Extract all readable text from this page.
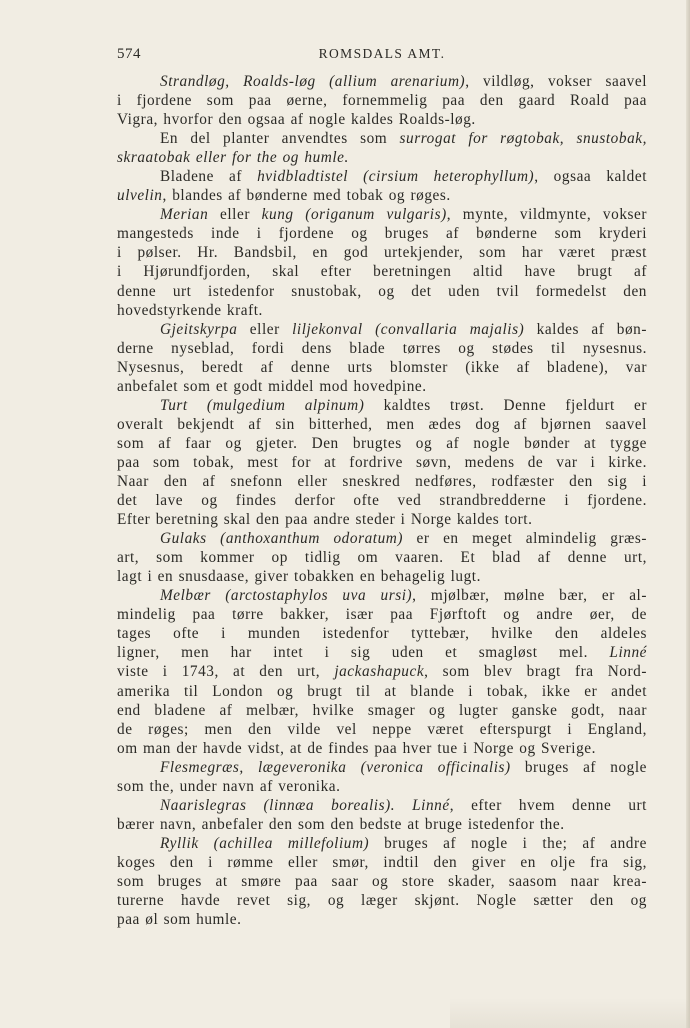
574	ROMSDALS AMT.
Strandløg, Roalds-løg (allium arenarium), vildløg, vokser saavel
i fjordene som paa øerne, fornemmelig paa den gaard Roald paa
Vigra, hvorfor den ogsaa af nogle kaldes Roalds-løg.
En del planter anvendtes som surrogat for røgtobak, snustobak,
skraatobak eller for the og humle.
Bladene af hvidbladtistel (cirsium heterophyllum), ogsaa kaldet
ulvelin, blandes af bønderne med tobak og røges.
Merian eller kung (origanum vulgaris), mynte, vildmynte, vokser
mangesteds inde i fjordene og bruges af bønderne som kryderi
i pølser. Hr. Bandsbil, en god urtekjender, som har været præst
i Hjørundfjorden, skal efter beretningen altid have brugt af
denne urt istedenfor snustobak, og det uden tvil formedelst den
hovedstyrkende kraft.
Gjeitskyrpa eller liljekonval (convallaria majalis) kaldes af bøn-
derne nyseblad, fordi dens blade tørres og stødes til nysesnus.
Nysesnus, beredt af denne urts blomster (ikke af bladene), var
anbefalet som et godt middel mod hovedpine.
Turt (mulgedium alpinum) kaldtes trøst. Denne fjeldurt er
overalt bekjendt af sin bitterhed, men ædes dog af bjørnen saavel
som af faar og gjeter. Den brugtes og af nogle bønder at tygge
paa som tobak, mest for at fordrive søvn, medens de var i kirke.
Naar den af snefonn eller sneskred nedføres, rodfæster den sig i
det lave og findes derfor ofte ved strandbredderne i fjordene.
Efter beretning skal den paa andre steder i Norge kaldes tort.
Gulaks (anthoxanthum odoratum) er en meget almindelig græs-
art, som kommer op tidlig om vaaren. Et blad af denne urt,
lagt i en snusdaase, giver tobakken en behagelig lugt.
Melbær (arctostaphylos uva ursi), mjølbær, mølne bær, er al-
mindelig paa tørre bakker, især paa Fjørftoft og andre øer, de
tages ofte i munden istedenfor tyttebær, hvilke den aldeles
ligner, men har intet i sig uden et smagløst mel. Linné
viste i 1743, at den urt, jackashapuck, som blev bragt fra Nord-
amerika til London og brugt til at blande i tobak, ikke er andet
end bladene af melbær, hvilke smager og lugter ganske godt, naar
de røges; men den vilde vel neppe været efterspurgt i England,
om man der havde vidst, at de findes paa hver tue i Norge og Sverige.
Flesmegræs, lægeveronika (veronica officinalis) bruges af nogle
som the, under navn af veronika.
Naarislegras (linnæa borealis). Linné, efter hvem denne urt
bærer navn, anbefaler den som den bedste at bruge istedenfor the.
Ryllik (achillea millefolium) bruges af nogle i the; af andre
koges den i rømme eller smør, indtil den giver en olje fra sig,
som bruges at smøre paa saar og store skader, saasom naar krea-
turerne havde revet sig, og læger skjønt. Nogle sætter den og
paa øl som humle.
